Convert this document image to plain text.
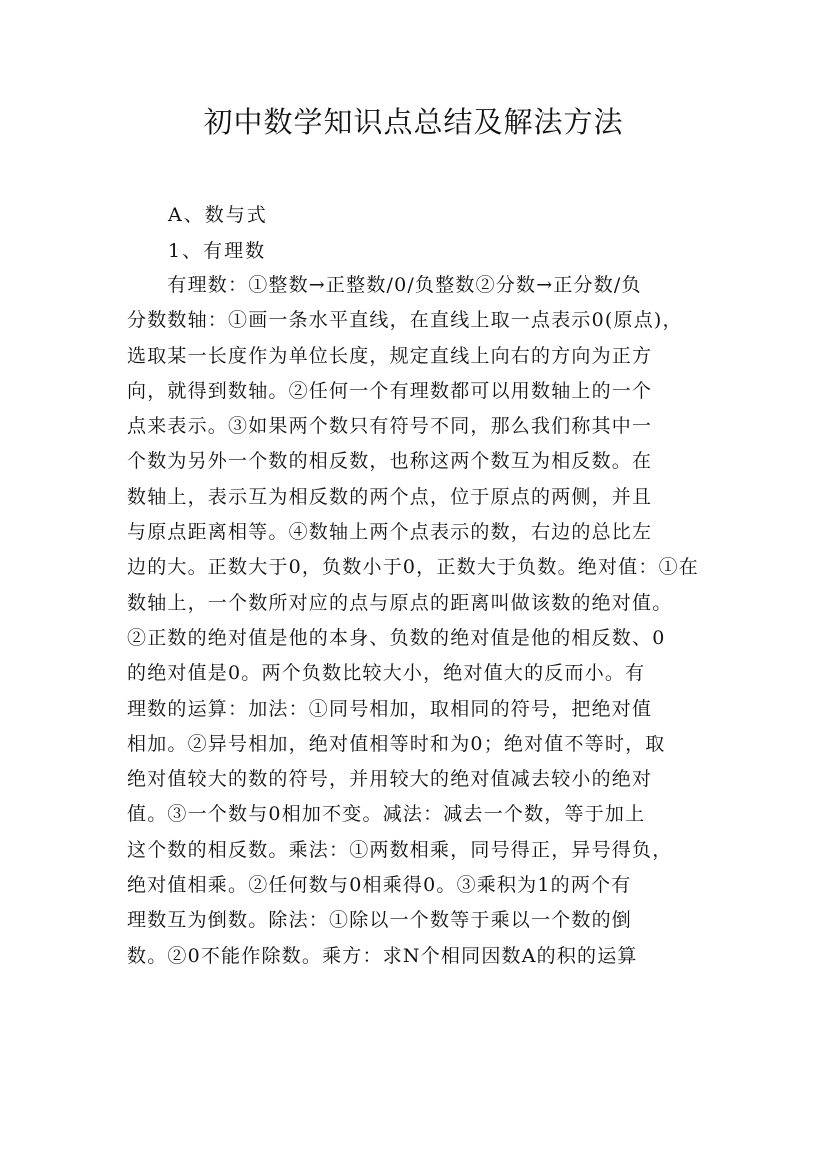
初中数学知识点总结及解法方法
A、数与式
1、有理数
　　有理数：①整数→正整数/0/负整数②分数→正分数/负
分数数轴：①画一条水平直线，在直线上取一点表示0(原点)，
选取某一长度作为单位长度，规定直线上向右的方向为正方
向，就得到数轴。②任何一个有理数都可以用数轴上的一个
点来表示。③如果两个数只有符号不同，那么我们称其中一
个数为另外一个数的相反数，也称这两个数互为相反数。在
数轴上，表示互为相反数的两个点，位于原点的两侧，并且
与原点距离相等。④数轴上两个点表示的数，右边的总比左
边的大。正数大于0，负数小于0，正数大于负数。绝对值：①在
数轴上，一个数所对应的点与原点的距离叫做该数的绝对值。
②正数的绝对值是他的本身、负数的绝对值是他的相反数、0
的绝对值是0。两个负数比较大小，绝对值大的反而小。有
理数的运算：加法：①同号相加，取相同的符号，把绝对值
相加。②异号相加，绝对值相等时和为0；绝对值不等时，取
绝对值较大的数的符号，并用较大的绝对值减去较小的绝对
值。③一个数与0相加不变。减法：减去一个数，等于加上
这个数的相反数。乘法：①两数相乘，同号得正，异号得负，
绝对值相乘。②任何数与0相乘得0。③乘积为1的两个有
理数互为倒数。除法：①除以一个数等于乘以一个数的倒
数。②0不能作除数。乘方：求N个相同因数A的积的运算
